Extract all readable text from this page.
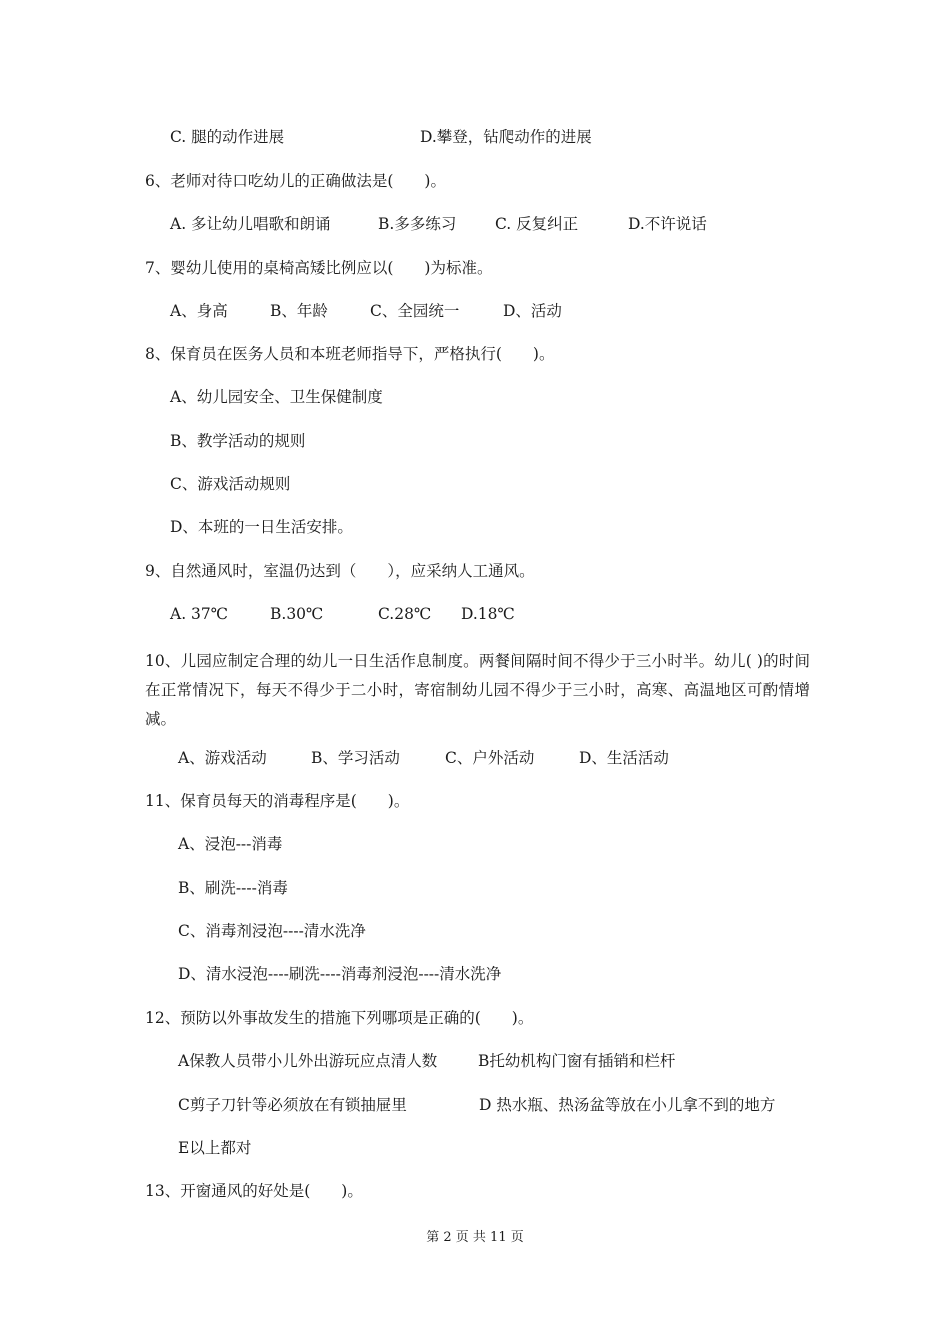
C. 腿的动作进展	D.攀登，钻爬动作的进展
6、老师对待口吃幼儿的正确做法是(　　)。
A. 多让幼儿唱歌和朗诵	B.多多练习 C. 反复纠正	D.不许说话
7、婴幼儿使用的桌椅高矮比例应以(　　)为标准。
A、身高	B、年龄	C、全园统一	D、活动
8、保育员在医务人员和本班老师指导下，严格执行(　　)。
A、幼儿园安全、卫生保健制度
B、教学活动的规则
C、游戏活动规则
D、本班的一日生活安排。
9、自然通风时，室温仍达到（　　），应采纳人工通风。
A. 37℃	B.30℃	C.28℃ D.18℃
10、儿园应制定合理的幼儿一日生活作息制度。两餐间隔时间不得少于三小时半。幼儿( )的时间在正常情况下，每天不得少于二小时，寄宿制幼儿园不得少于三小时，高寒、高温地区可酌情增减。
A、游戏活动	B、学习活动	C、户外活动	D、生活活动
11、保育员每天的消毒程序是(　　)。
A、浸泡---消毒
B、刷洗----消毒
C、消毒剂浸泡----清水洗净
D、清水浸泡----刷洗----消毒剂浸泡----清水洗净
12、预防以外事故发生的措施下列哪项是正确的(　　)。
A保教人员带小儿外出游玩应点清人数	B托幼机构门窗有插销和栏杆
C剪子刀针等必须放在有锁抽屉里	D 热水瓶、热汤盆等放在小儿拿不到的地方
E以上都对
13、开窗通风的好处是(　　)。
第 2 页 共 11 页
